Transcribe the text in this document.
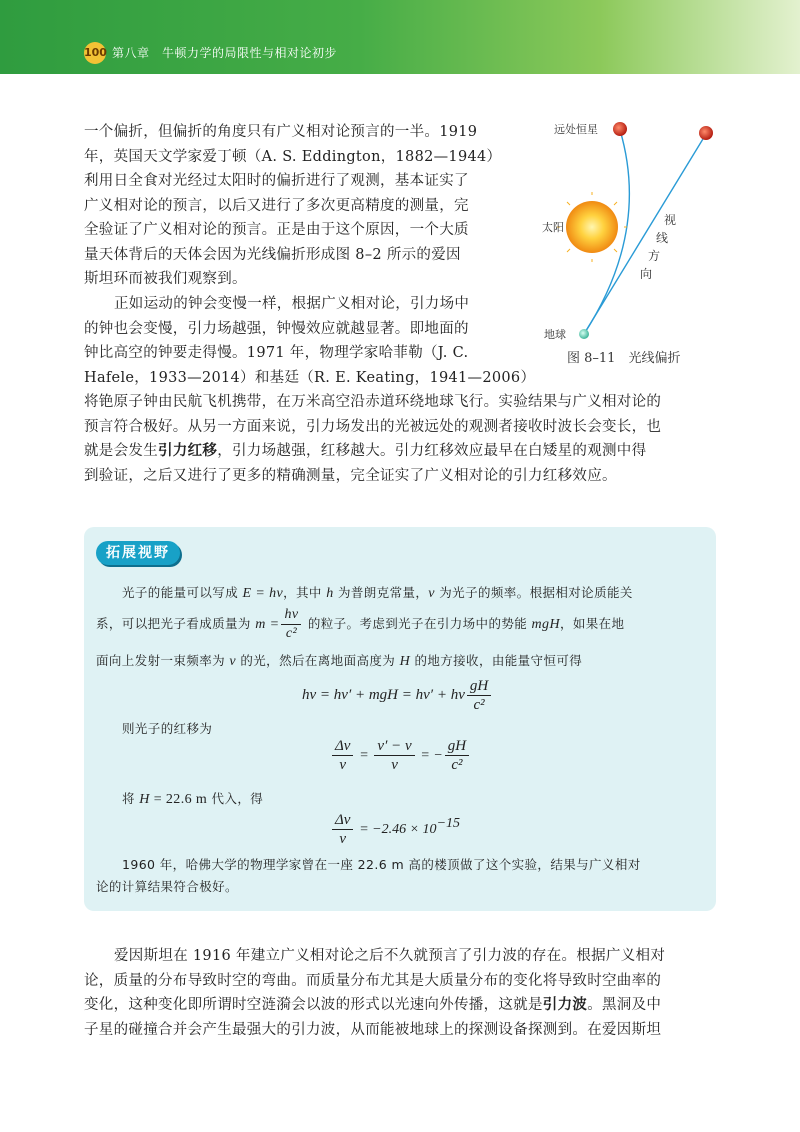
100 第八章　牛顿力学的局限性与相对论初步
一个偏折，但偏折的角度只有广义相对论预言的一半。1919
年，英国天文学家爱丁顿（A. S. Eddington，1882—1944）
利用日全食对光经过太阳时的偏折进行了观测，基本证实了
广义相对论的预言，以后又进行了多次更高精度的测量，完
全验证了广义相对论的预言。正是由于这个原因，一个大质
量天体背后的天体会因为光线偏折形成图 8–2 所示的爱因
斯坦环而被我们观察到。
正如运动的钟会变慢一样，根据广义相对论，引力场中
的钟也会变慢，引力场越强，钟慢效应就越显著。即地面的
钟比高空的钟要走得慢。1971 年，物理学家哈菲勒（J. C.
Hafele，1933—2014）和基廷（R. E. Keating，1941—2006）
将铯原子钟由民航飞机携带，在万米高空沿赤道环绕地球飞行。实验结果与广义相对论的
预言符合极好。从另一方面来说，引力场发出的光被远处的观测者接收时波长会变长，也
就是会发生引力红移，引力场越强，红移越大。引力红移效应最早在白矮星的观测中得
到验证，之后又进行了更多的精确测量，完全证实了广义相对论的引力红移效应。
远处恒星
太阳
地球
视
线
方
向
图 8–11　光线偏折
拓展视野
光子的能量可以写成 E = hν，其中 h 为普朗克常量，ν 为光子的频率。根据相对论质能关
系，可以把光子看成质量为 $m = \frac{h\nu}{\text{c²}}$ 的粒子。考虑到光子在引力场中的势能 mgH，如果在地
面向上发射一束频率为 ν 的光，然后在离地面高度为 H 的地方接收，由能量守恒可得
hν = hν′ + mgH = hν′ + hν $\frac{gH}{\text{c²}}$
则光子的红移为
$\frac{\Delta\nu}{\nu} = \frac{\nu' - \nu}{\nu}$ = − $\frac{gH}{\text{c²}}$
将 H = 22.6 m 代入，得
$\frac{\Delta\nu}{\nu} = -2.46 \times 10^{-15}$
1960 年，哈佛大学的物理学家曾在一座 22.6 m 高的楼顶做了这个实验，结果与广义相对
论的计算结果符合极好。
爱因斯坦在 1916 年建立广义相对论之后不久就预言了引力波的存在。根据广义相对
论，质量的分布导致时空的弯曲。而质量分布尤其是大质量分布的变化将导致时空曲率的
变化，这种变化即所谓时空涟漪会以波的形式以光速向外传播，这就是引力波。黑洞及中
子星的碰撞合并会产生最强大的引力波，从而能被地球上的探测设备探测到。在爱因斯坦
